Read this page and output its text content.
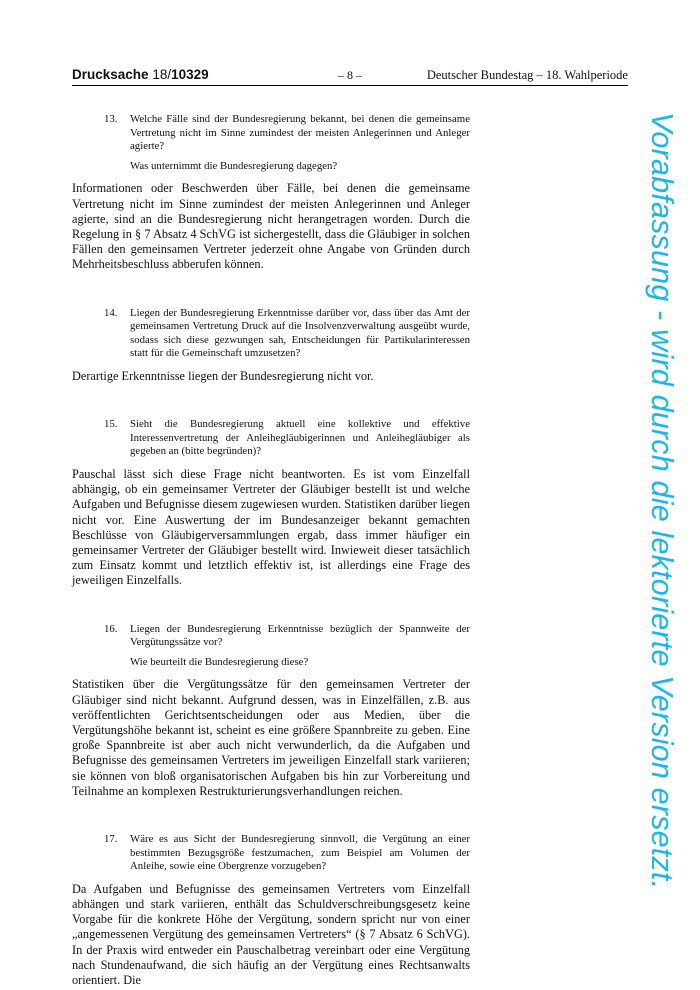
Drucksache 18/10329	– 8 –	Deutscher Bundestag – 18. Wahlperiode
13.	Welche Fälle sind der Bundesregierung bekannt, bei denen die gemeinsame Vertretung nicht im Sinne zumindest der meisten Anlegerinnen und Anleger agierte?
Was unternimmt die Bundesregierung dagegen?
Informationen oder Beschwerden über Fälle, bei denen die gemeinsame Vertretung nicht im Sinne zumindest der meisten Anlegerinnen und Anleger agierte, sind an die Bundesregierung nicht herangetragen worden. Durch die Regelung in § 7 Absatz 4 SchVG ist sichergestellt, dass die Gläubiger in solchen Fällen den gemeinsamen Vertreter jederzeit ohne Angabe von Gründen durch Mehrheitsbeschluss abberufen können.
14.	Liegen der Bundesregierung Erkenntnisse darüber vor, dass über das Amt der gemeinsamen Vertretung Druck auf die Insolvenzverwaltung ausgeübt wurde, sodass sich diese gezwungen sah, Entscheidungen für Partikularinteressen statt für die Gemeinschaft umzusetzen?
Derartige Erkenntnisse liegen der Bundesregierung nicht vor.
15.	Sieht die Bundesregierung aktuell eine kollektive und effektive Interessenvertretung der Anleihegläubigerinnen und Anleihegläubiger als gegeben an (bitte begründen)?
Pauschal lässt sich diese Frage nicht beantworten. Es ist vom Einzelfall abhängig, ob ein gemeinsamer Vertreter der Gläubiger bestellt ist und welche Aufgaben und Befugnisse diesem zugewiesen wurden. Statistiken darüber liegen nicht vor. Eine Auswertung der im Bundesanzeiger bekannt gemachten Beschlüsse von Gläubigerversammlungen ergab, dass immer häufiger ein gemeinsamer Vertreter der Gläubiger bestellt wird. Inwieweit dieser tatsächlich zum Einsatz kommt und letztlich effektiv ist, ist allerdings eine Frage des jeweiligen Einzelfalls.
16.	Liegen der Bundesregierung Erkenntnisse bezüglich der Spannweite der Vergütungssätze vor?
Wie beurteilt die Bundesregierung diese?
Statistiken über die Vergütungssätze für den gemeinsamen Vertreter der Gläubiger sind nicht bekannt. Aufgrund dessen, was in Einzelfällen, z.B. aus veröffentlichten Gerichtsentscheidungen oder aus Medien, über die Vergütungshöhe bekannt ist, scheint es eine größere Spannbreite zu geben. Eine große Spannbreite ist aber auch nicht verwunderlich, da die Aufgaben und Befugnisse des gemeinsamen Vertreters im jeweiligen Einzelfall stark variieren; sie können von bloß organisatorischen Aufgaben bis hin zur Vorbereitung und Teilnahme an komplexen Restrukturierungsverhandlungen reichen.
17.	Wäre es aus Sicht der Bundesregierung sinnvoll, die Vergütung an einer bestimmten Bezugsgröße festzumachen, zum Beispiel am Volumen der Anleihe, sowie eine Obergrenze vorzugeben?
Da Aufgaben und Befugnisse des gemeinsamen Vertreters vom Einzelfall abhängen und stark variieren, enthält das Schuldverschreibungsgesetz keine Vorgabe für die konkrete Höhe der Vergütung, sondern spricht nur von einer „angemessenen Vergütung des gemeinsamen Vertreters“ (§ 7 Absatz 6 SchVG). In der Praxis wird entweder ein Pauschalbetrag vereinbart oder eine Vergütung nach Stundenaufwand, die sich häufig an der Vergütung eines Rechtsanwalts orientiert. Die
Vorabfassung - wird durch die lektorierte Version ersetzt.
